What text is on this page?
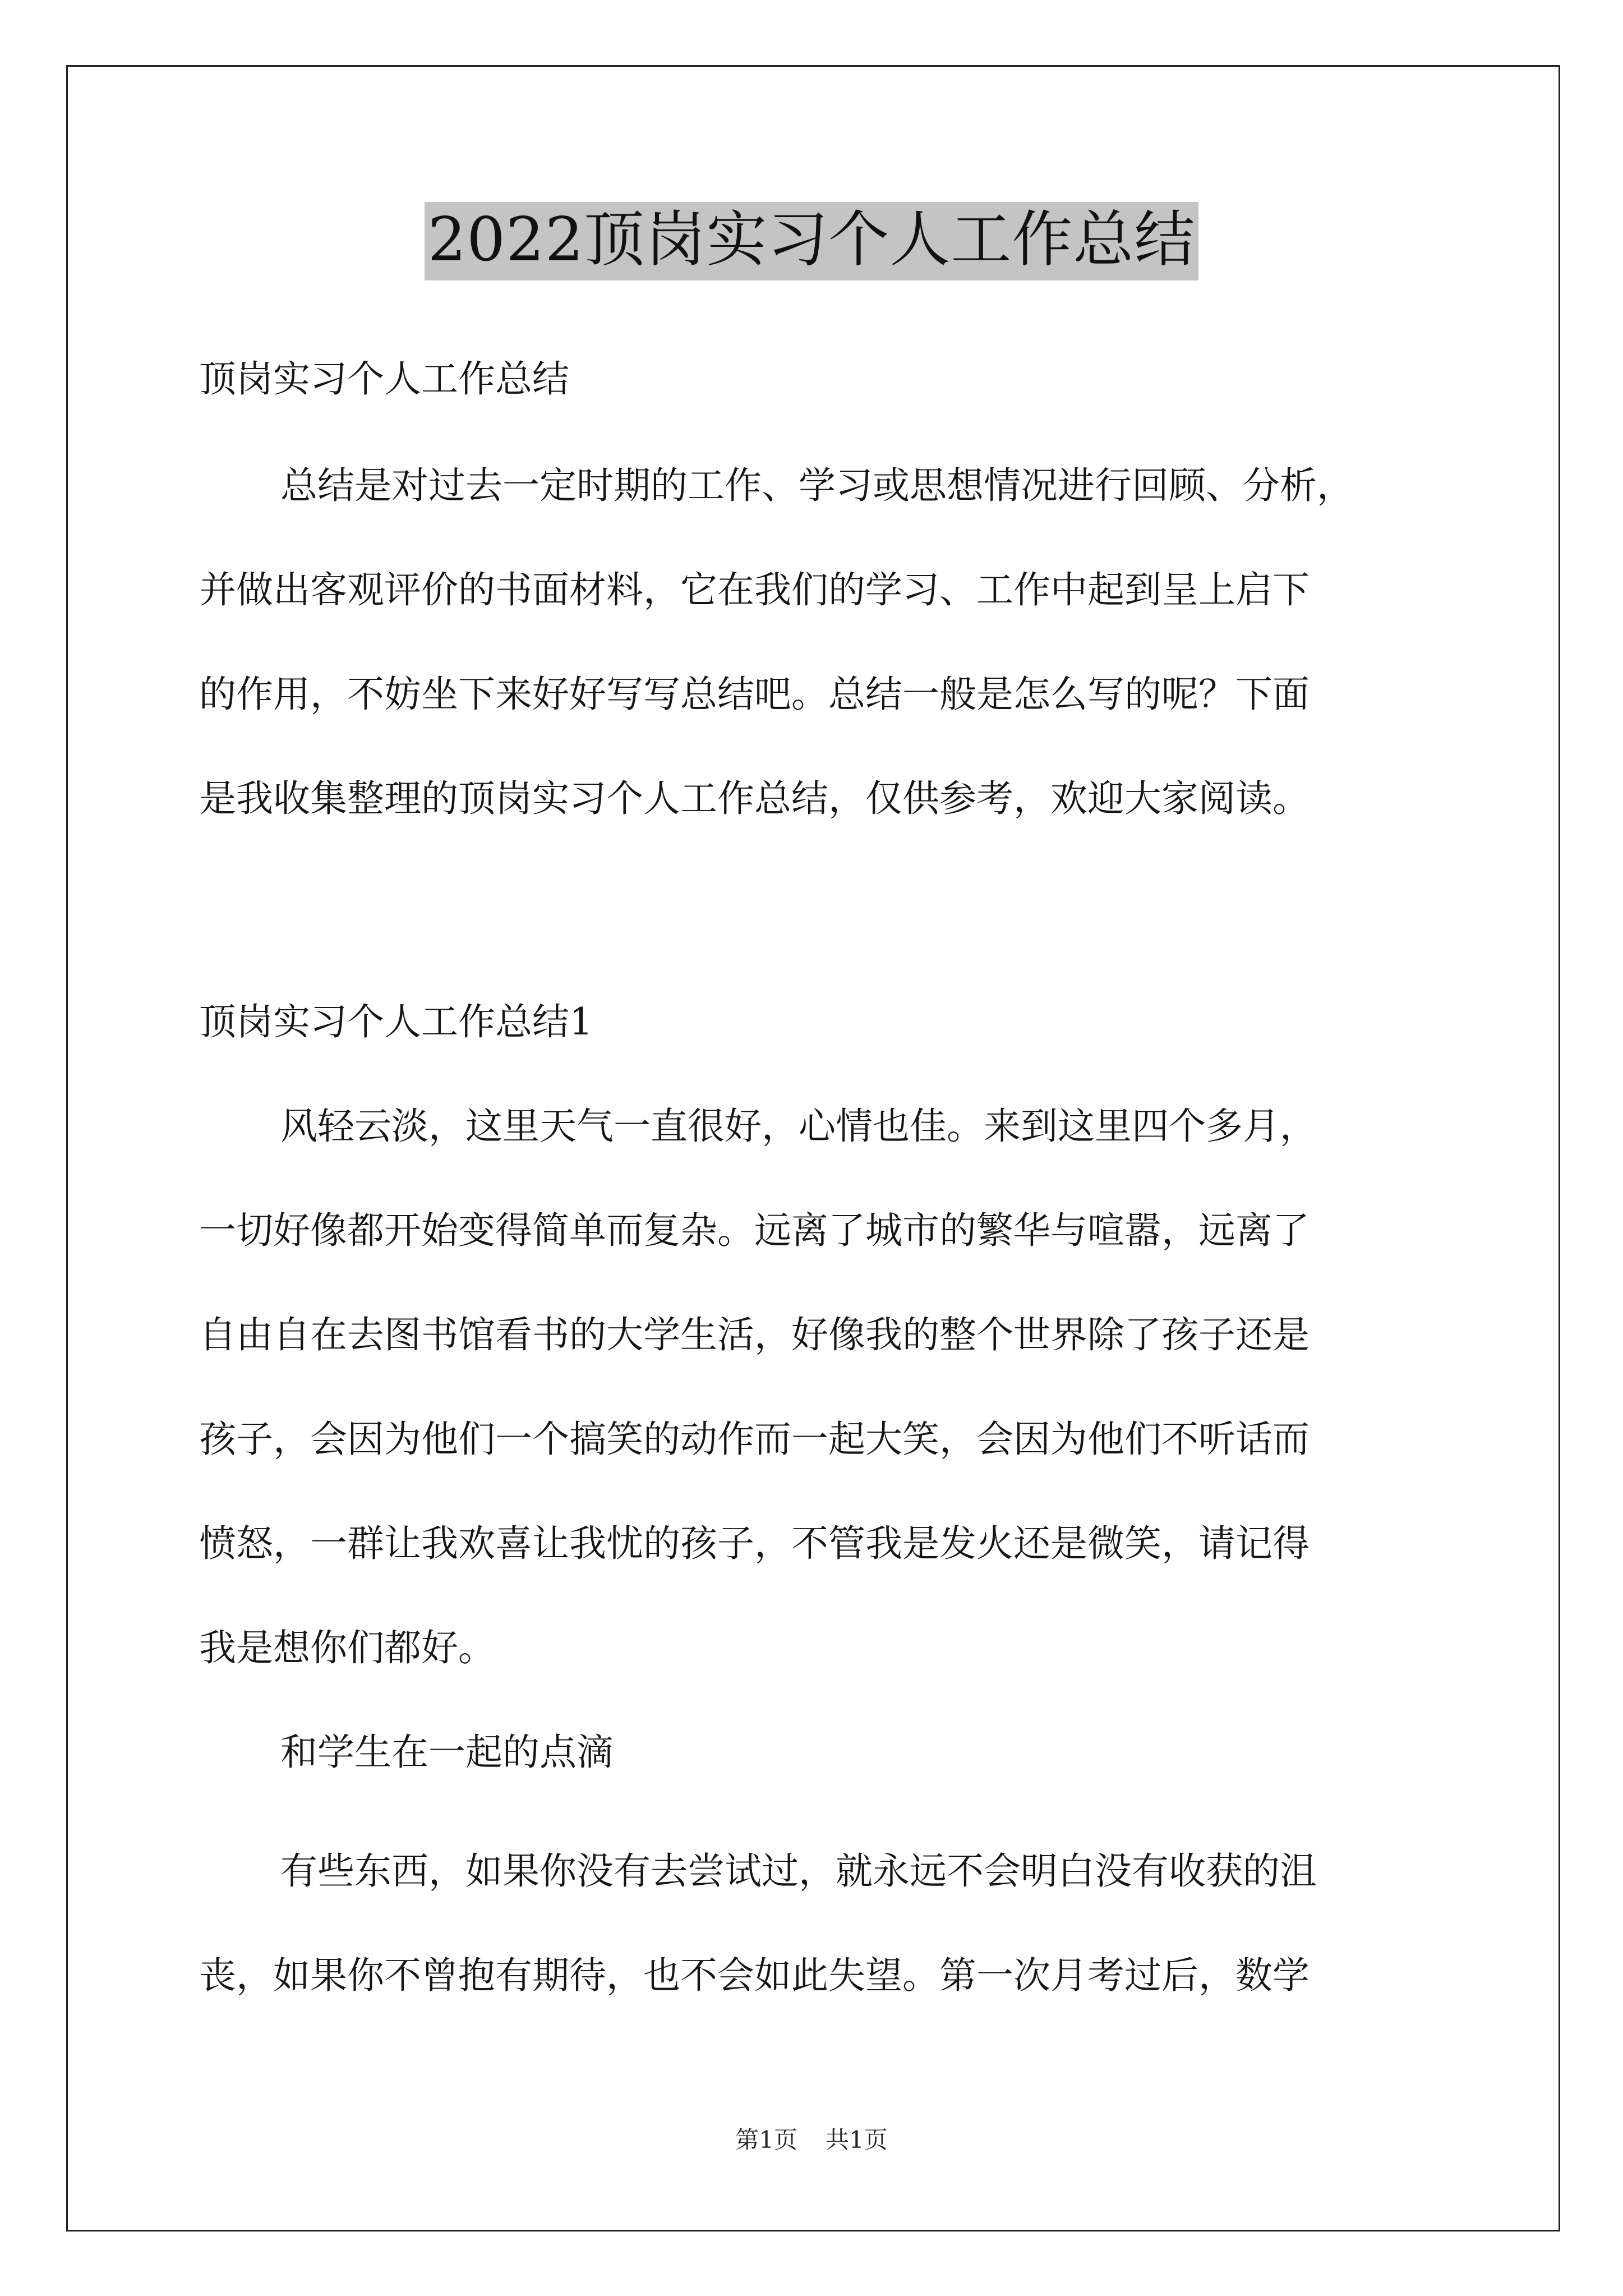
2022顶岗实习个人工作总结
顶岗实习个人工作总结
总结是对过去一定时期的工作、学习或思想情况进行回顾、分析，
并做出客观评价的书面材料，它在我们的学习、工作中起到呈上启下
的作用，不妨坐下来好好写写总结吧。总结一般是怎么写的呢？下面
是我收集整理的顶岗实习个人工作总结，仅供参考，欢迎大家阅读。
顶岗实习个人工作总结1
风轻云淡，这里天气一直很好，心情也佳。来到这里四个多月，
一切好像都开始变得简单而复杂。远离了城市的繁华与喧嚣，远离了
自由自在去图书馆看书的大学生活，好像我的整个世界除了孩子还是
孩子，会因为他们一个搞笑的动作而一起大笑，会因为他们不听话而
愤怒，一群让我欢喜让我忧的孩子，不管我是发火还是微笑，请记得
我是想你们都好。
和学生在一起的点滴
有些东西，如果你没有去尝试过，就永远不会明白没有收获的沮
丧，如果你不曾抱有期待，也不会如此失望。第一次月考过后，数学
第1页 共1页
